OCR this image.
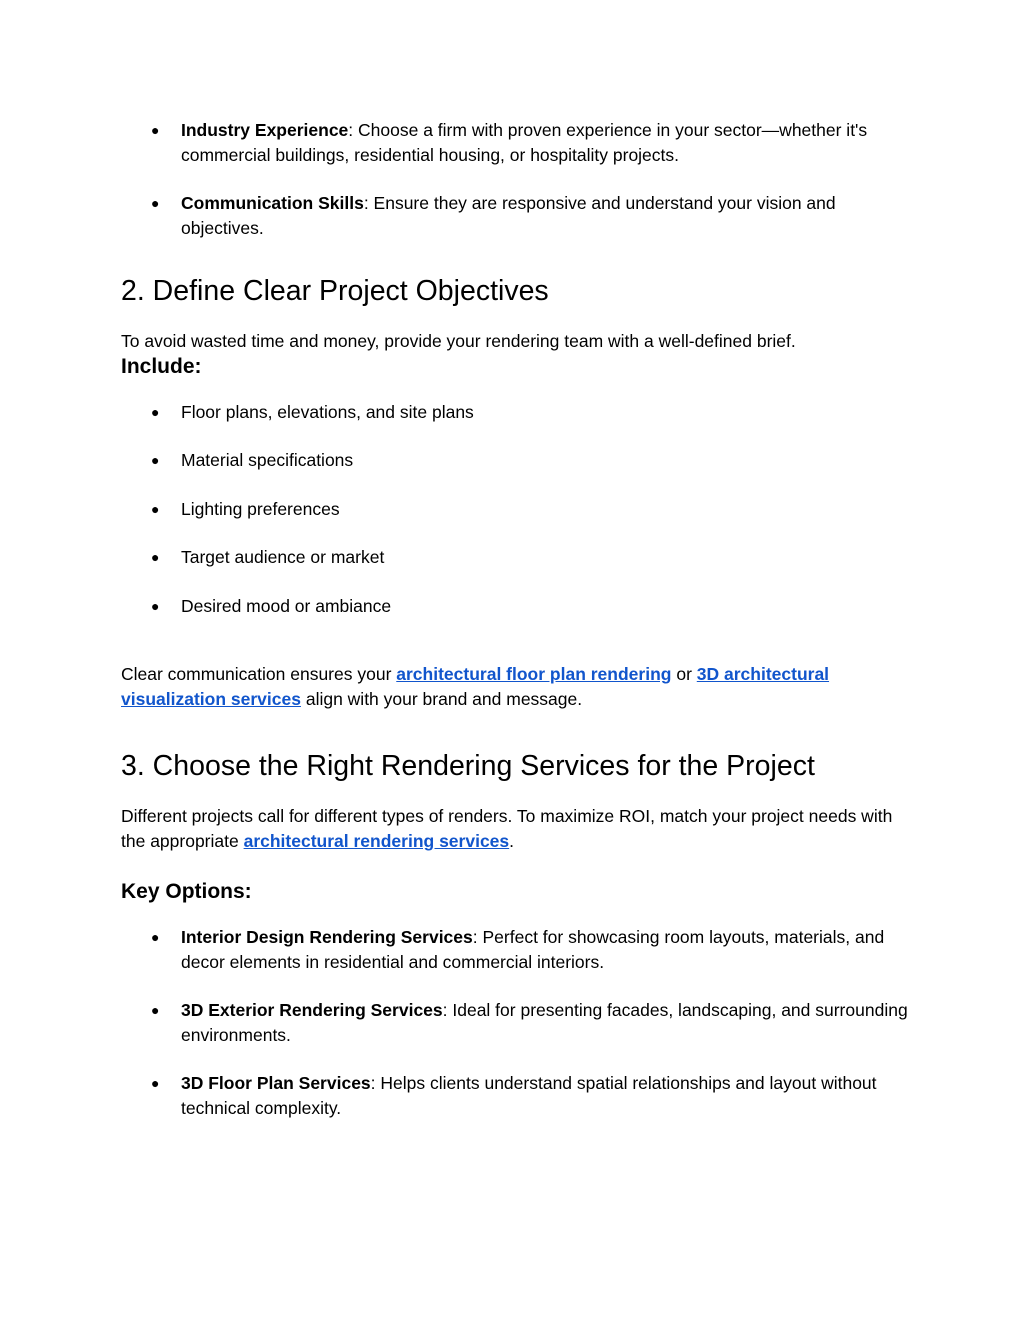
● Industry Experience: Choose a firm with proven experience in your sector—whether it's commercial buildings, residential housing, or hospitality projects.
● Communication Skills: Ensure they are responsive and understand your vision and objectives.
2. Define Clear Project Objectives

To avoid wasted time and money, provide your rendering team with a well-defined brief.

Include:
● Floor plans, elevations, and site plans
● Material specifications
● Lighting preferences
● Target audience or market
● Desired mood or ambiance

Clear communication ensures your architectural floor plan rendering or 3D architectural visualization services align with your brand and message.

3. Choose the Right Rendering Services for the Project

Different projects call for different types of renders. To maximize ROI, match your project needs with the appropriate architectural rendering services.

Key Options:
● Interior Design Rendering Services: Perfect for showcasing room layouts, materials, and decor elements in residential and commercial interiors.
● 3D Exterior Rendering Services: Ideal for presenting facades, landscaping, and surrounding environments.
● 3D Floor Plan Services: Helps clients understand spatial relationships and layout without technical complexity.
